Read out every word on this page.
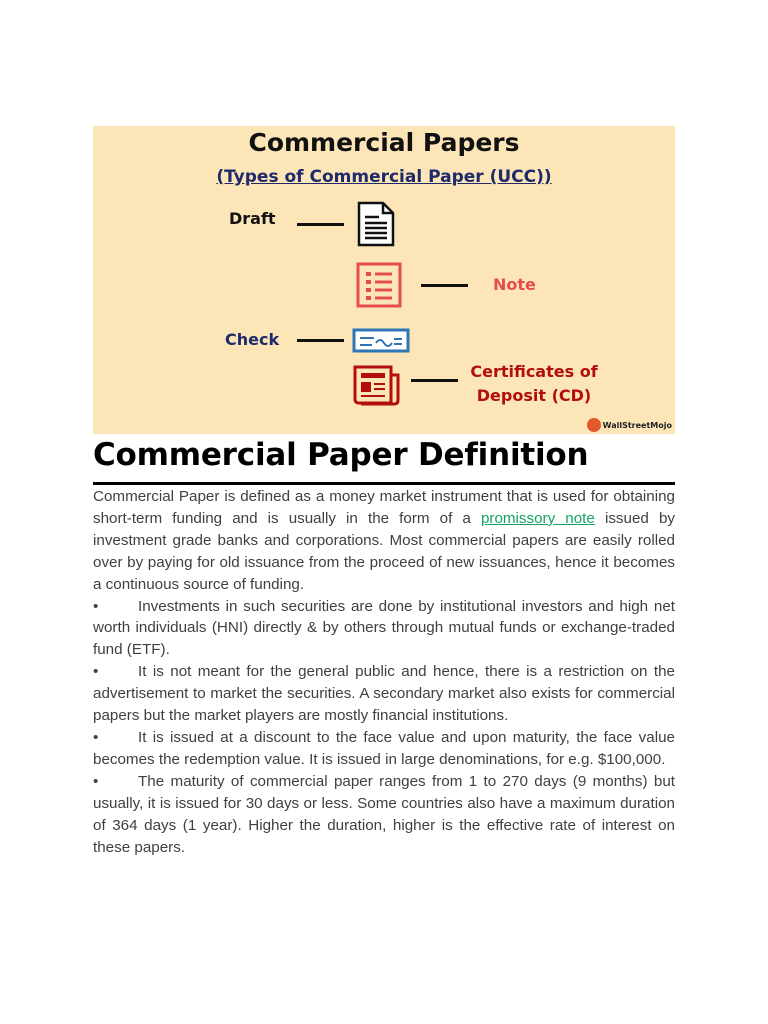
Commercial Papers
(Types of Commercial Paper (UCC))
Draft
Note
Check
Certificates of
Deposit (CD)
WallStreetMojo
Commercial Paper Definition

Commercial Paper is defined as a money market instrument that is used for obtaining short-term funding and is usually in the form of a promissory note issued by investment grade banks and corporations. Most commercial papers are easily rolled over by paying for old issuance from the proceed of new issuances, hence it becomes a continuous source of funding.

•	Investments in such securities are done by institutional investors and high net worth individuals (HNI) directly & by others through mutual funds or exchange-traded fund (ETF).

•	It is not meant for the general public and hence, there is a restriction on the advertisement to market the securities. A secondary market also exists for commercial papers but the market players are mostly financial institutions.

•	It is issued at a discount to the face value and upon maturity, the face value becomes the redemption value. It is issued in large denominations, for e.g. $100,000.

•	The maturity of commercial paper ranges from 1 to 270 days (9 months) but usually, it is issued for 30 days or less. Some countries also have a maximum duration of 364 days (1 year). Higher the duration, higher is the effective rate of interest on these papers.
